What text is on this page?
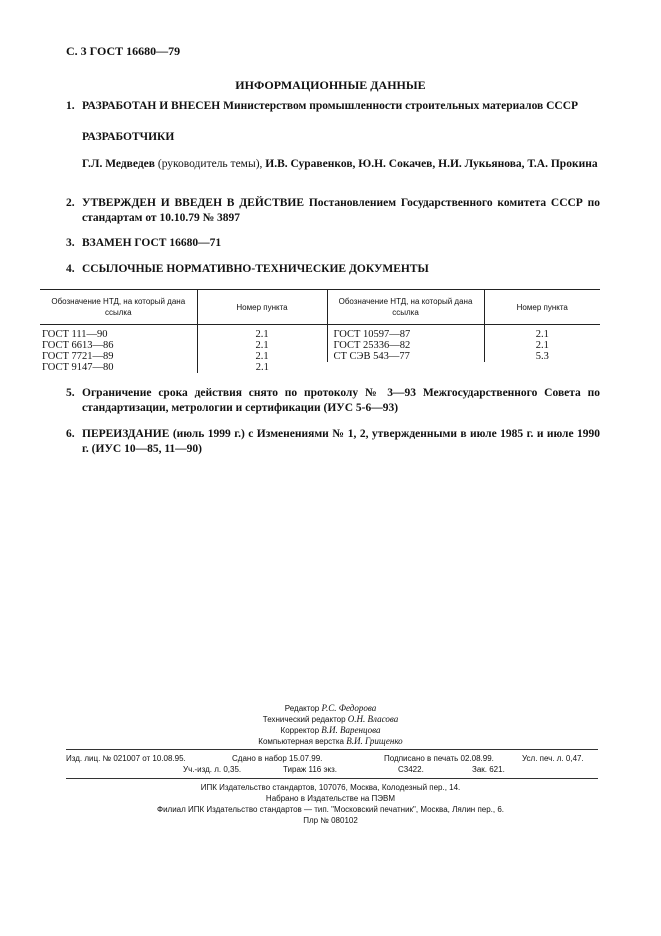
С. 3 ГОСТ 16680—79
ИНФОРМАЦИОННЫЕ ДАННЫЕ
1. РАЗРАБОТАН И ВНЕСЕН Министерством промышленности строительных материалов СССР
РАЗРАБОТЧИКИ
Г.Л. Медведев (руководитель темы), И.В. Суравенков, Ю.Н. Сокачев, Н.И. Лукьянова, Т.А. Прокина
2. УТВЕРЖДЕН И ВВЕДЕН В ДЕЙСТВИЕ Постановлением Государственного комитета СССР по стандартам от 10.10.79 № 3897
3. ВЗАМЕН ГОСТ 16680—71
4. ССЫЛОЧНЫЕ НОРМАТИВНО-ТЕХНИЧЕСКИЕ ДОКУМЕНТЫ
Обозначение НТД, на который дана ссылка	Номер пункта	Обозначение НТД, на который дана ссылка	Номер пункта
ГОСТ 111—90	2.1	ГОСТ 10597—87	2.1
ГОСТ 6613—86	2.1	ГОСТ 25336—82	2.1
ГОСТ 7721—89	2.1	СТ СЭВ 543—77	5.3
ГОСТ 9147—80	2.1		
5. Ограничение срока действия снято по протоколу № 3—93 Межгосударственного Совета по стандартизации, метрологии и сертификации (ИУС 5-6—93)
6. ПЕРЕИЗДАНИЕ (июль 1999 г.) с Изменениями № 1, 2, утвержденными в июле 1985 г. и июле 1990 г. (ИУС 10—85, 11—90)
Редактор Р.С. Федорова
Технический редактор О.Н. Власова
Корректор В.И. Варенцова
Компьютерная верстка В.И. Грищенко
Изд. лиц. № 021007 от 10.08.95.	Сдано в набор 15.07.99.	Подписано в печать 02.08.99.	Усл. печ. л. 0,47.
Уч.-изд. л. 0,35.	Тираж 116 экз.	С3422.	Зак. 621.
ИПК Издательство стандартов, 107076, Москва, Колодезный пер., 14.
Набрано в Издательстве на ПЭВМ
Филиал ИПК Издательство стандартов — тип. "Московский печатник", Москва, Лялин пер., 6.
Плр № 080102
